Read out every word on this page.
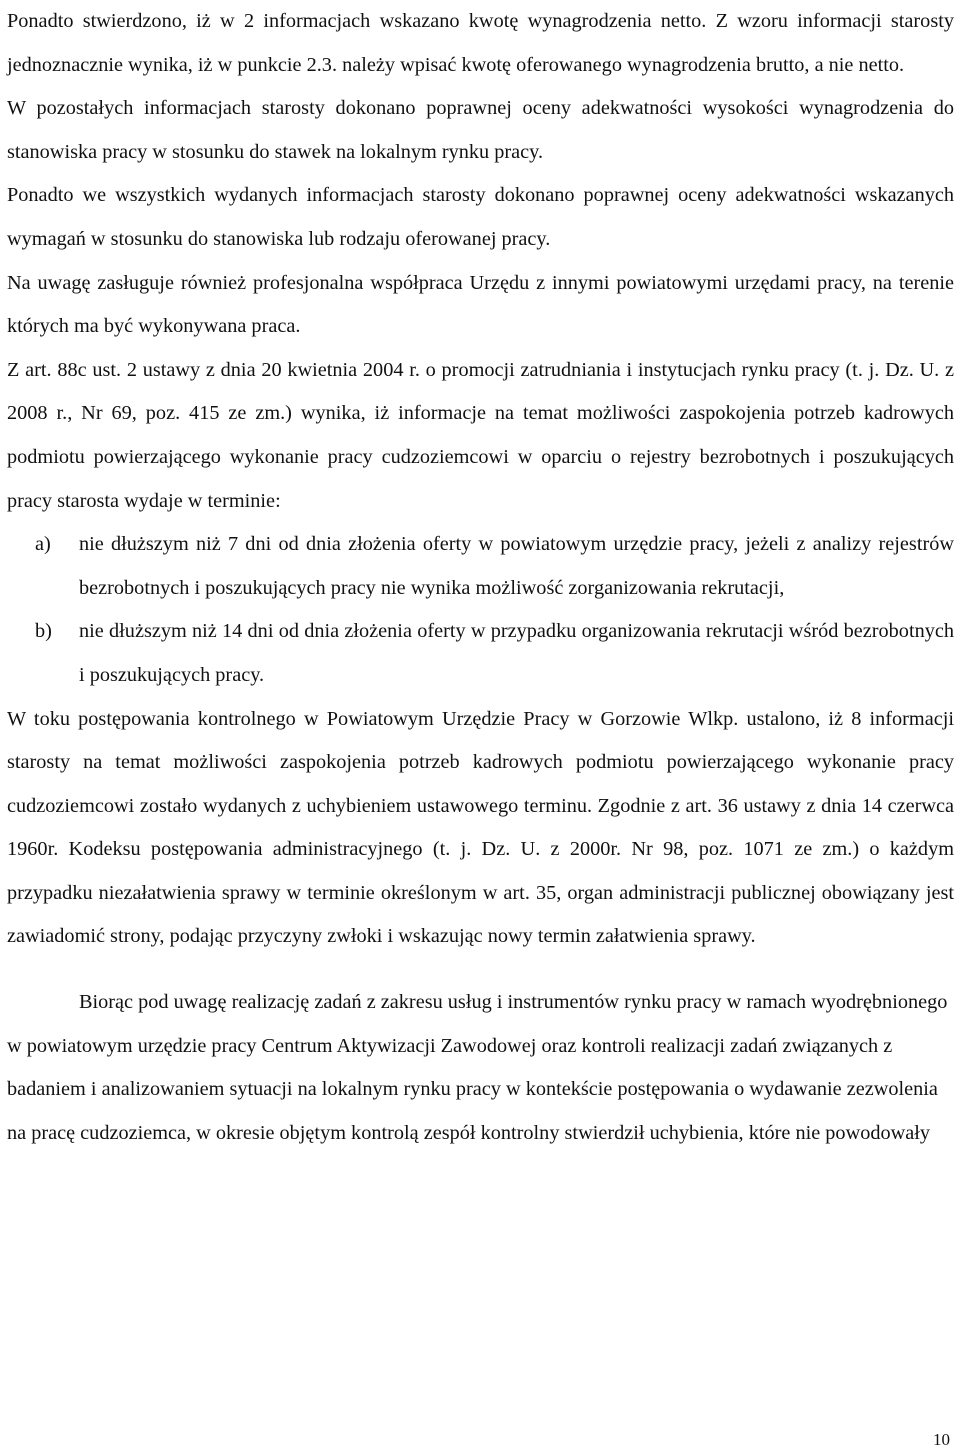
Ponadto stwierdzono, iż w 2 informacjach wskazano kwotę wynagrodzenia netto. Z wzoru informacji starosty jednoznacznie wynika, iż w punkcie 2.3. należy wpisać kwotę oferowanego wynagrodzenia brutto, a nie netto.

W pozostałych informacjach starosty dokonano poprawnej oceny adekwatności wysokości wynagrodzenia do stanowiska pracy w stosunku do stawek na lokalnym rynku pracy.

Ponadto we wszystkich wydanych informacjach starosty dokonano poprawnej oceny adekwatności wskazanych wymagań w stosunku do stanowiska lub rodzaju oferowanej pracy.

Na uwagę zasługuje również profesjonalna współpraca Urzędu z innymi powiatowymi urzędami pracy, na terenie których ma być wykonywana praca.

Z art. 88c ust. 2 ustawy z dnia 20 kwietnia 2004 r. o promocji zatrudniania i instytucjach rynku pracy (t. j. Dz. U. z 2008 r., Nr 69, poz. 415 ze zm.) wynika, iż informacje na temat możliwości zaspokojenia potrzeb kadrowych podmiotu powierzającego wykonanie pracy cudzoziemcowi w oparciu o rejestry bezrobotnych i poszukujących pracy starosta wydaje w terminie:

a) nie dłuższym niż 7 dni od dnia złożenia oferty w powiatowym urzędzie pracy, jeżeli z analizy rejestrów bezrobotnych i poszukujących pracy nie wynika możliwość zorganizowania rekrutacji,
b) nie dłuższym niż 14 dni od dnia złożenia oferty w przypadku organizowania rekrutacji wśród bezrobotnych i poszukujących pracy.

W toku postępowania kontrolnego w Powiatowym Urzędzie Pracy w Gorzowie Wlkp. ustalono, iż 8 informacji starosty na temat możliwości zaspokojenia potrzeb kadrowych podmiotu powierzającego wykonanie pracy cudzoziemcowi zostało wydanych z uchybieniem ustawowego terminu. Zgodnie z art. 36 ustawy z dnia 14 czerwca 1960r. Kodeksu postępowania administracyjnego (t. j. Dz. U. z 2000r. Nr 98, poz. 1071 ze zm.) o każdym przypadku niezałatwienia sprawy w terminie określonym w art. 35, organ administracji publicznej obowiązany jest zawiadomić strony, podając przyczyny zwłoki i wskazując nowy termin załatwienia sprawy.

Biorąc pod uwagę realizację zadań z zakresu usług i instrumentów rynku pracy w ramach wyodrębnionego w powiatowym urzędzie pracy Centrum Aktywizacji Zawodowej oraz kontroli realizacji zadań związanych z badaniem i analizowaniem sytuacji na lokalnym rynku pracy w kontekście postępowania o wydawanie zezwolenia na pracę cudzoziemca, w okresie objętym kontrolą zespół kontrolny stwierdził uchybienia, które nie powodowały

10
